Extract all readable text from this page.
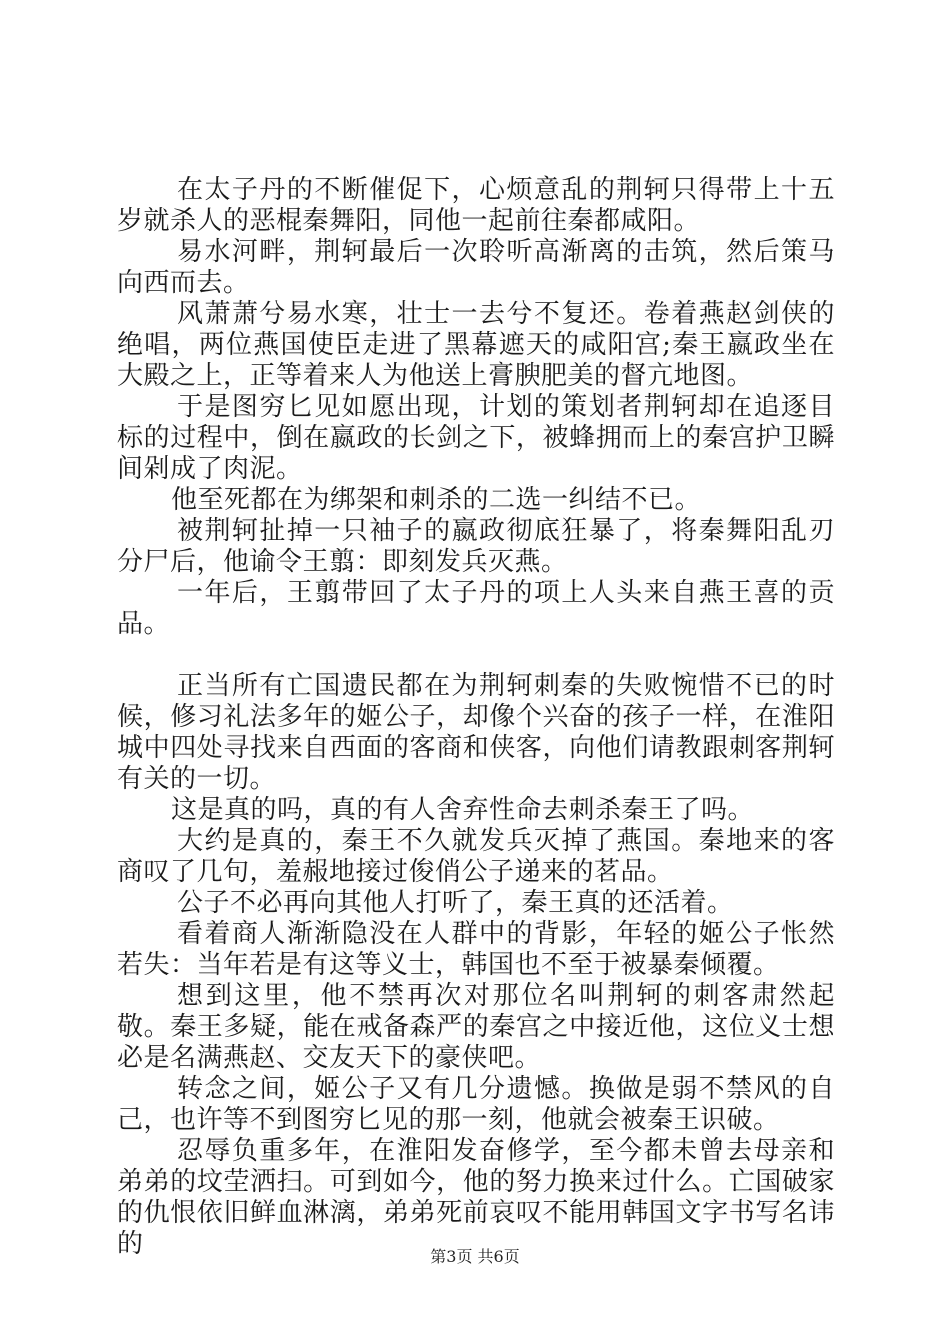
在太子丹的不断催促下，心烦意乱的荆轲只得带上十五岁就杀人的恶棍秦舞阳，同他一起前往秦都咸阳。

易水河畔，荆轲最后一次聆听高渐离的击筑，然后策马向西而去。

风萧萧兮易水寒，壮士一去兮不复还。卷着燕赵剑侠的绝唱，两位燕国使臣走进了黑幕遮天的咸阳宫;秦王嬴政坐在大殿之上，正等着来人为他送上膏腴肥美的督亢地图。

于是图穷匕见如愿出现，计划的策划者荆轲却在追逐目标的过程中，倒在嬴政的长剑之下，被蜂拥而上的秦宫护卫瞬间剁成了肉泥。

他至死都在为绑架和刺杀的二选一纠结不已。

被荆轲扯掉一只袖子的嬴政彻底狂暴了，将秦舞阳乱刃分尸后，他谕令王翦：即刻发兵灭燕。

一年后，王翦带回了太子丹的项上人头来自燕王喜的贡品。

正当所有亡国遗民都在为荆轲刺秦的失败惋惜不已的时候，修习礼法多年的姬公子，却像个兴奋的孩子一样，在淮阳城中四处寻找来自西面的客商和侠客，向他们请教跟刺客荆轲有关的一切。

这是真的吗，真的有人舍弃性命去刺杀秦王了吗。

大约是真的，秦王不久就发兵灭掉了燕国。秦地来的客商叹了几句，羞赧地接过俊俏公子递来的茗品。

公子不必再向其他人打听了，秦王真的还活着。

看着商人渐渐隐没在人群中的背影，年轻的姬公子怅然若失：当年若是有这等义士，韩国也不至于被暴秦倾覆。

想到这里，他不禁再次对那位名叫荆轲的刺客肃然起敬。秦王多疑，能在戒备森严的秦宫之中接近他，这位义士想必是名满燕赵、交友天下的豪侠吧。

转念之间，姬公子又有几分遗憾。换做是弱不禁风的自己，也许等不到图穷匕见的那一刻，他就会被秦王识破。

忍辱负重多年，在淮阳发奋修学，至今都未曾去母亲和弟弟的坟茔洒扫。可到如今，他的努力换来过什么。亡国破家的仇恨依旧鲜血淋漓，弟弟死前哀叹不能用韩国文字书写名讳的	第3页 共6页
